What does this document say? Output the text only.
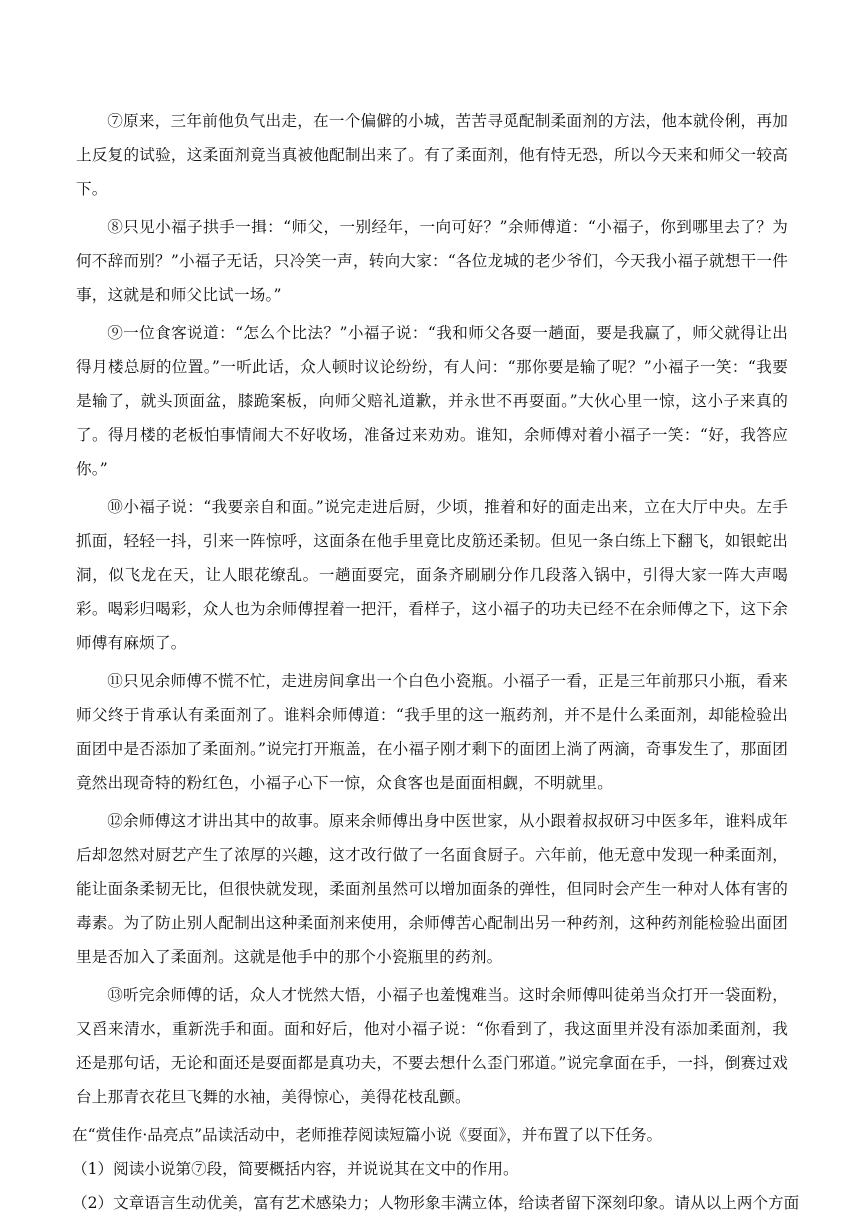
⑦原来，三年前他负气出走，在一个偏僻的小城，苦苦寻觅配制柔面剂的方法，他本就伶俐，再加上反复的试验，这柔面剂竟当真被他配制出来了。有了柔面剂，他有恃无恐，所以今天来和师父一较高下。

⑧只见小福子拱手一揖：“师父，一别经年，一向可好？”余师傅道：“小福子，你到哪里去了？为何不辞而别？”小福子无话，只冷笑一声，转向大家：“各位龙城的老少爷们，今天我小福子就想干一件事，这就是和师父比试一场。”

⑨一位食客说道：“怎么个比法？”小福子说：“我和师父各耍一趟面，要是我赢了，师父就得让出得月楼总厨的位置。”一听此话，众人顿时议论纷纷，有人问：“那你要是输了呢？”小福子一笑：“我要是输了，就头顶面盆，膝跪案板，向师父赔礼道歉，并永世不再耍面。”大伙心里一惊，这小子来真的了。得月楼的老板怕事情闹大不好收场，准备过来劝劝。谁知，余师傅对着小福子一笑：“好，我答应你。”

⑩小福子说：“我要亲自和面。”说完走进后厨，少顷，推着和好的面走出来，立在大厅中央。左手抓面，轻轻一抖，引来一阵惊呼，这面条在他手里竟比皮筋还柔韧。但见一条白练上下翻飞，如银蛇出洞，似飞龙在天，让人眼花缭乱。一趟面耍完，面条齐刷刷分作几段落入锅中，引得大家一阵大声喝彩。喝彩归喝彩，众人也为余师傅捏着一把汗，看样子，这小福子的功夫已经不在余师傅之下，这下余师傅有麻烦了。

⑪只见余师傅不慌不忙，走进房间拿出一个白色小瓷瓶。小福子一看，正是三年前那只小瓶，看来师父终于肯承认有柔面剂了。谁料余师傅道：“我手里的这一瓶药剂，并不是什么柔面剂，却能检验出面团中是否添加了柔面剂。”说完打开瓶盖，在小福子刚才剩下的面团上淌了两滴，奇事发生了，那面团竟然出现奇特的粉红色，小福子心下一惊，众食客也是面面相觑，不明就里。

⑫余师傅这才讲出其中的故事。原来余师傅出身中医世家，从小跟着叔叔研习中医多年，谁料成年后却忽然对厨艺产生了浓厚的兴趣，这才改行做了一名面食厨子。六年前，他无意中发现一种柔面剂，能让面条柔韧无比，但很快就发现，柔面剂虽然可以增加面条的弹性，但同时会产生一种对人体有害的毒素。为了防止别人配制出这种柔面剂来使用，余师傅苦心配制出另一种药剂，这种药剂能检验出面团里是否加入了柔面剂。这就是他手中的那个小瓷瓶里的药剂。

⑬听完余师傅的话，众人才恍然大悟，小福子也羞愧难当。这时余师傅叫徒弟当众打开一袋面粉，又舀来清水，重新洗手和面。面和好后，他对小福子说：“你看到了，我这面里并没有添加柔面剂，我还是那句话，无论和面还是耍面都是真功夫，不要去想什么歪门邪道。”说完拿面在手，一抖，倒赛过戏台上那青衣花旦飞舞的水袖，美得惊心，美得花枝乱颤。

在“赏佳作·品亮点”品读活动中，老师推荐阅读短篇小说《耍面》，并布置了以下任务。

（1）阅读小说第⑦段，简要概括内容，并说说其在文中的作用。

（2）文章语言生动优美，富有艺术感染力；人物形象丰满立体，给读者留下深刻印象。请从以上两个方面
